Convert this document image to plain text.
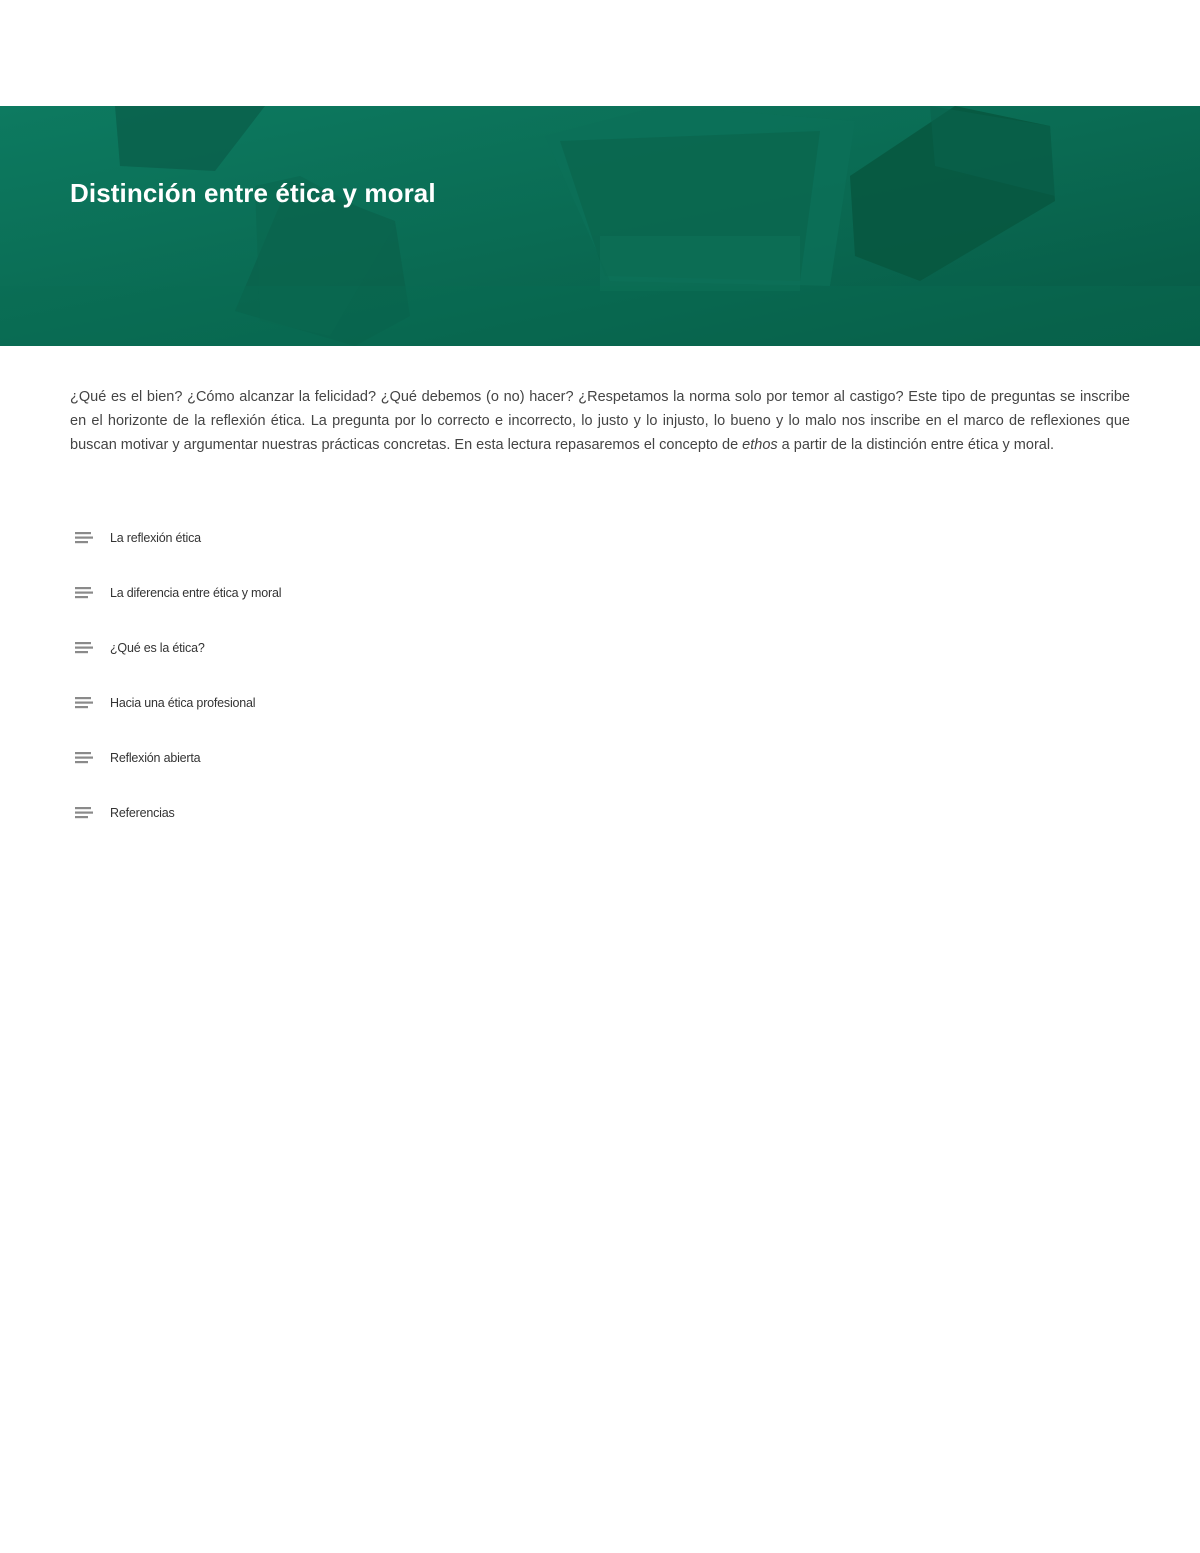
Distinción entre ética y moral

¿Qué es el bien? ¿Cómo alcanzar la felicidad? ¿Qué debemos (o no) hacer? ¿Respetamos la norma solo por temor al castigo? Este tipo de preguntas se inscribe en el horizonte de la reflexión ética. La pregunta por lo correcto e incorrecto, lo justo y lo injusto, lo bueno y lo malo nos inscribe en el marco de reflexiones que buscan motivar y argumentar nuestras prácticas concretas. En esta lectura repasaremos el concepto de ethos a partir de la distinción entre ética y moral.

La reflexión ética
La diferencia entre ética y moral
¿Qué es la ética?
Hacia una ética profesional
Reflexión abierta
Referencias
